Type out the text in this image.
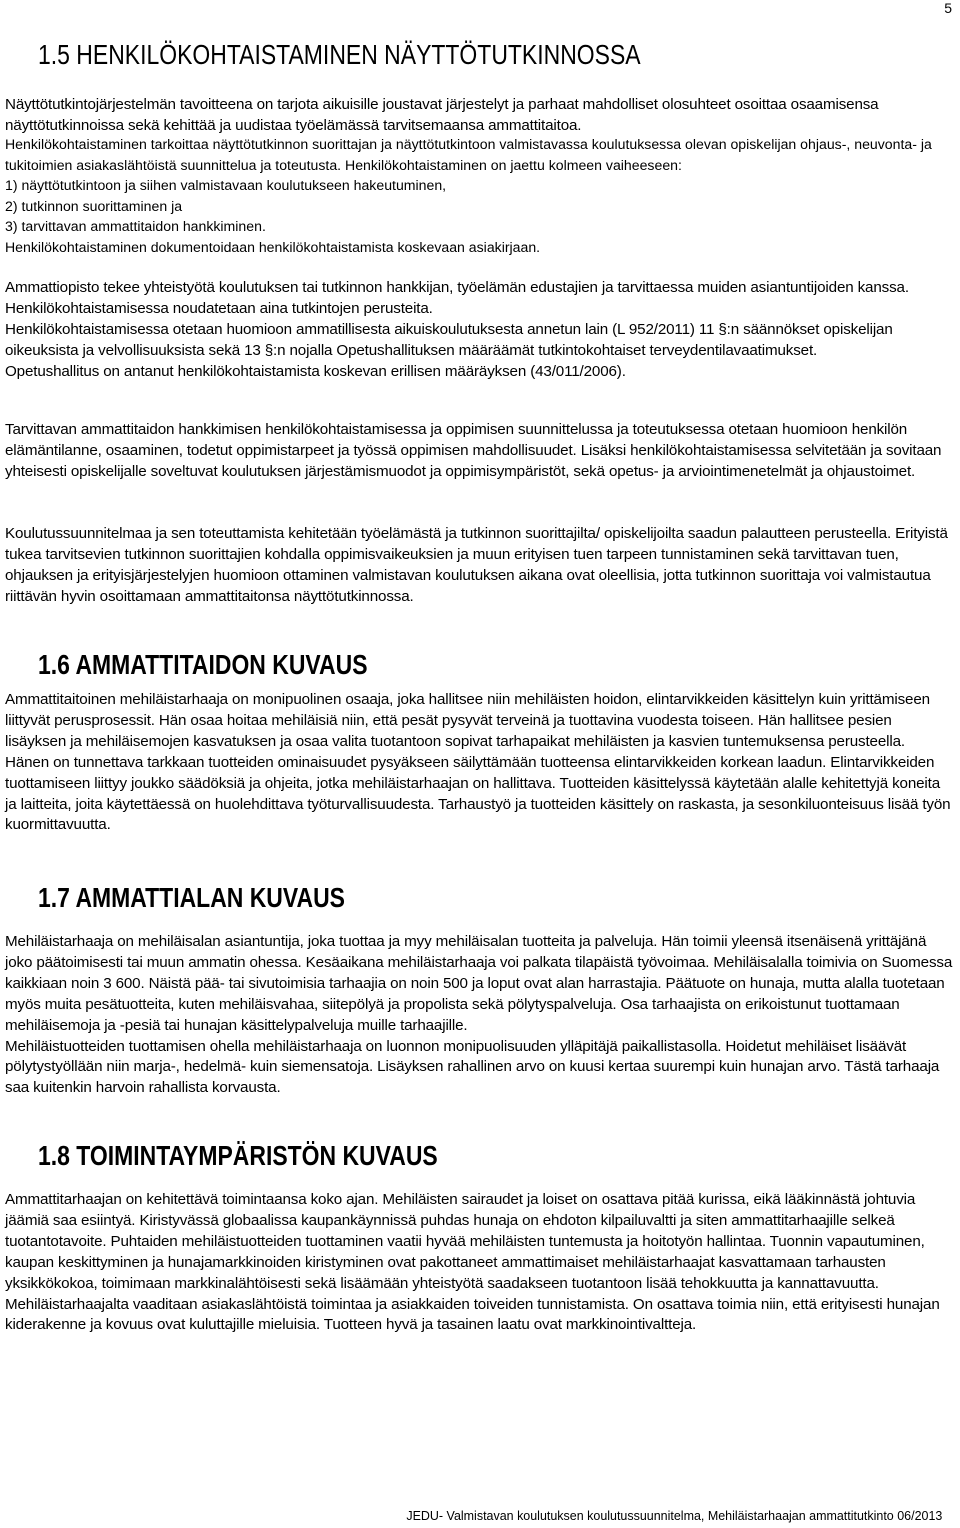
5
1.5 HENKILÖKOHTAISTAMINEN NÄYTTÖTUTKINNOSSA

Näyttötutkintojärjestelmän tavoitteena on tarjota aikuisille joustavat järjestelyt ja parhaat mahdolliset olosuhteet osoittaa osaamisensa näyttötutkinnoissa sekä kehittää ja uudistaa työelämässä tarvitsemaansa ammattitaitoa.

Henkilökohtaistaminen tarkoittaa näyttötutkinnon suorittajan ja näyttötutkintoon valmistavassa koulutuksessa olevan opiskelijan ohjaus-, neuvonta- ja tukitoimien asiakaslähtöistä suunnittelua ja toteutusta. Henkilökohtaistaminen on jaettu kolmeen vaiheeseen:

1) näyttötutkintoon ja siihen valmistavaan koulutukseen hakeutuminen,
2) tutkinnon suorittaminen ja
3) tarvittavan ammattitaidon hankkiminen.

Henkilökohtaistaminen dokumentoidaan henkilökohtaistamista koskevaan asiakirjaan.

Ammattiopisto tekee yhteistyötä koulutuksen tai tutkinnon hankkijan, työelämän edustajien ja tarvittaessa muiden asiantuntijoiden kanssa. Henkilökohtaistamisessa noudatetaan aina tutkintojen perusteita.

Henkilökohtaistamisessa otetaan huomioon ammatillisesta aikuiskoulutuksesta annetun lain (L 952/2011) 11 §:n säännökset opiskelijan oikeuksista ja velvollisuuksista sekä 13 §:n nojalla Opetushallituksen määräämät tutkintokohtaiset terveydentilavaatimukset.

Opetushallitus on antanut henkilökohtaistamista koskevan erillisen määräyksen (43/011/2006).

Tarvittavan ammattitaidon hankkimisen henkilökohtaistamisessa ja oppimisen suunnittelussa ja toteutuksessa otetaan huomioon henkilön elämäntilanne, osaaminen, todetut oppimistarpeet ja työssä oppimisen mahdollisuudet. Lisäksi henkilökohtaistamisessa selvitetään ja sovitaan yhteisesti opiskelijalle soveltuvat koulutuksen järjestämismuodot ja oppimisympäristöt, sekä opetus- ja arviointimenetelmät ja ohjaustoimet.

Koulutussuunnitelmaa ja sen toteuttamista kehitetään työelämästä ja tutkinnon suorittajilta/ opiskelijoilta saadun palautteen perusteella. Erityistä tukea tarvitsevien tutkinnon suorittajien kohdalla oppimisvaikeuksien ja muun erityisen tuen tarpeen tunnistaminen sekä tarvittavan tuen, ohjauksen ja erityisjärjestelyjen huomioon ottaminen valmistavan koulutuksen aikana ovat oleellisia, jotta tutkinnon suorittaja voi valmistautua riittävän hyvin osoittamaan ammattitaitonsa näyttötutkinnossa.

1.6 AMMATTITAIDON KUVAUS

Ammattitaitoinen mehiläistarhaaja on monipuolinen osaaja, joka hallitsee niin mehiläisten hoidon, elintarvikkeiden käsittelyn kuin yrittämiseen liittyvät perusprosessit. Hän osaa hoitaa mehiläisiä niin, että pesät pysyvät terveinä ja tuottavina vuodesta toiseen. Hän hallitsee pesien lisäyksen ja mehiläisemojen kasvatuksen ja osaa valita tuotantoon sopivat tarhapaikat mehiläisten ja kasvien tuntemuksensa perusteella. Hänen on tunnettava tarkkaan tuotteiden ominaisuudet pysyäkseen säilyttämään tuotteensa elintarvikkeiden korkean laadun. Elintarvikkeiden tuottamiseen liittyy joukko säädöksiä ja ohjeita, jotka mehiläistarhaajan on hallittava. Tuotteiden käsittelyssä käytetään alalle kehitettyjä koneita ja laitteita, joita käytettäessä on huolehdittava työturvallisuudesta. Tarhaustyö ja tuotteiden käsittely on raskasta, ja sesonkiluonteisuus lisää työn kuormittavuutta.

1.7 AMMATTIALAN KUVAUS

Mehiläistarhaaja on mehiläisalan asiantuntija, joka tuottaa ja myy mehiläisalan tuotteita ja palveluja. Hän toimii yleensä itsenäisenä yrittäjänä joko päätoimisesti tai muun ammatin ohessa. Kesäaikana mehiläistarhaaja voi palkata tilapäistä työvoimaa. Mehiläisalalla toimivia on Suomessa kaikkiaan noin 3 600. Näistä pää- tai sivutoimisia tarhaajia on noin 500 ja loput ovat alan harrastajia. Päätuote on hunaja, mutta alalla tuotetaan myös muita pesätuotteita, kuten mehiläisvahaa, siitepölyä ja propolista sekä pölytyspalveluja. Osa tarhaajista on erikoistunut tuottamaan mehiläisemoja ja -pesiä tai hunajan käsittelypalveluja muille tarhaajille.

Mehiläistuotteiden tuottamisen ohella mehiläistarhaaja on luonnon monipuolisuuden ylläpitäjä paikallistasolla. Hoidetut mehiläiset lisäävät pölytystyöllään niin marja-, hedelmä- kuin siemensatoja. Lisäyksen rahallinen arvo on kuusi kertaa suurempi kuin hunajan arvo. Tästä tarhaaja saa kuitenkin harvoin rahallista korvausta.

1.8 TOIMINTAYMPÄRISTÖN KUVAUS

Ammattitarhaajan on kehitettävä toimintaansa koko ajan. Mehiläisten sairaudet ja loiset on osattava pitää kurissa, eikä lääkinnästä johtuvia jäämiä saa esiintyä. Kiristyvässä globaalissa kaupankäynnissä puhdas hunaja on ehdoton kilpailuvaltti ja siten ammattitarhaajille selkeä tuotantotavoite. Puhtaiden mehiläistuotteiden tuottaminen vaatii hyvää mehiläisten tuntemusta ja hoitotyön hallintaa. Tuonnin vapautuminen, kaupan keskittyminen ja hunajamarkkinoiden kiristyminen ovat pakottaneet ammattimaiset mehiläistarhaajat kasvattamaan tarhausten yksikkökokoa, toimimaan markkinalähtöisesti sekä lisäämään yhteistyötä saadakseen tuotantoon lisää tehokkuutta ja kannattavuutta.

Mehiläistarhaajalta vaaditaan asiakaslähtöistä toimintaa ja asiakkaiden toiveiden tunnistamista. On osattava toimia niin, että erityisesti hunajan kiderakenne ja kovuus ovat kuluttajille mieluisia. Tuotteen hyvä ja tasainen laatu ovat markkinointivaltteja.

JEDU- Valmistavan koulutuksen koulutussuunnitelma, Mehiläistarhaajan ammattitutkinto 06/2013
